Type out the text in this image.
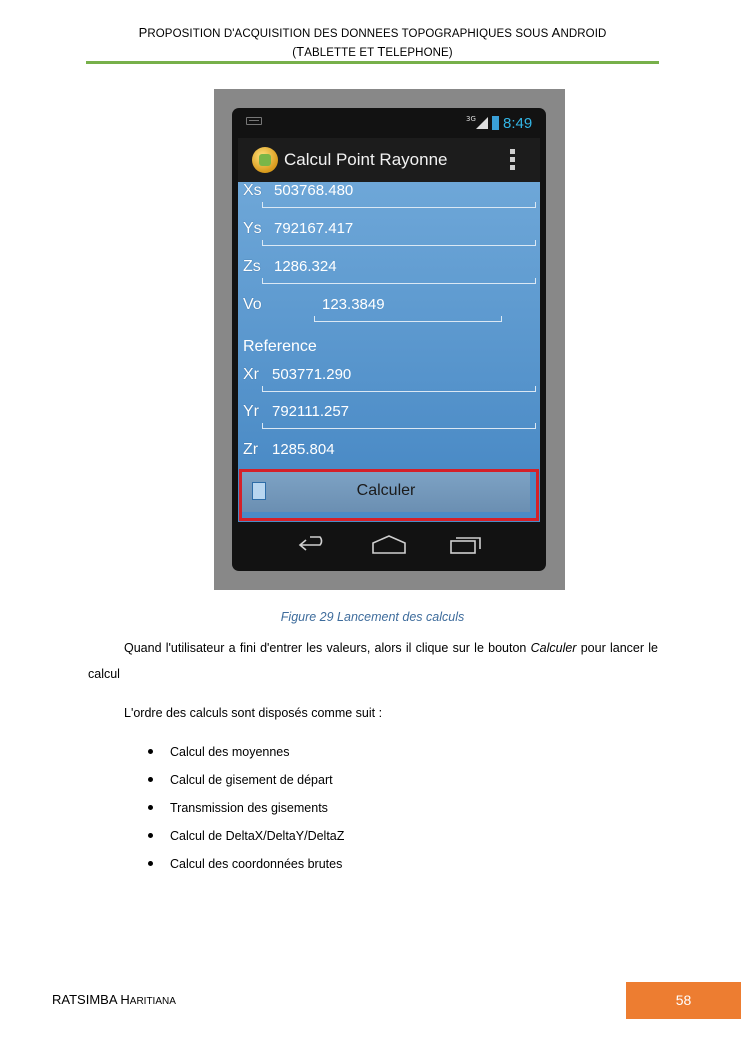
PROPOSITION D'ACQUISITION DES DONNEES TOPOGRAPHIQUES SOUS ANDROID
(TABLETTE ET TELEPHONE)
3G 8:49
Calcul Point Rayonne
Xs 503768.480
Ys 792167.417
Zs 1286.324
Vo	123.3849
Reference
Xr 503771.290
Yr 792111.257
Zr 1285.804
Calculer
Figure 29 Lancement des calculs
Quand l'utilisateur a fini d'entrer les valeurs, alors il clique sur le bouton Calculer pour lancer le calcul
L'ordre des calculs sont disposés comme suit :
Calcul des moyennes
Calcul de gisement de départ
Transmission des gisements
Calcul de DeltaX/DeltaY/DeltaZ
Calcul des coordonnées brutes
RATSIMBA HARITIANA	58
